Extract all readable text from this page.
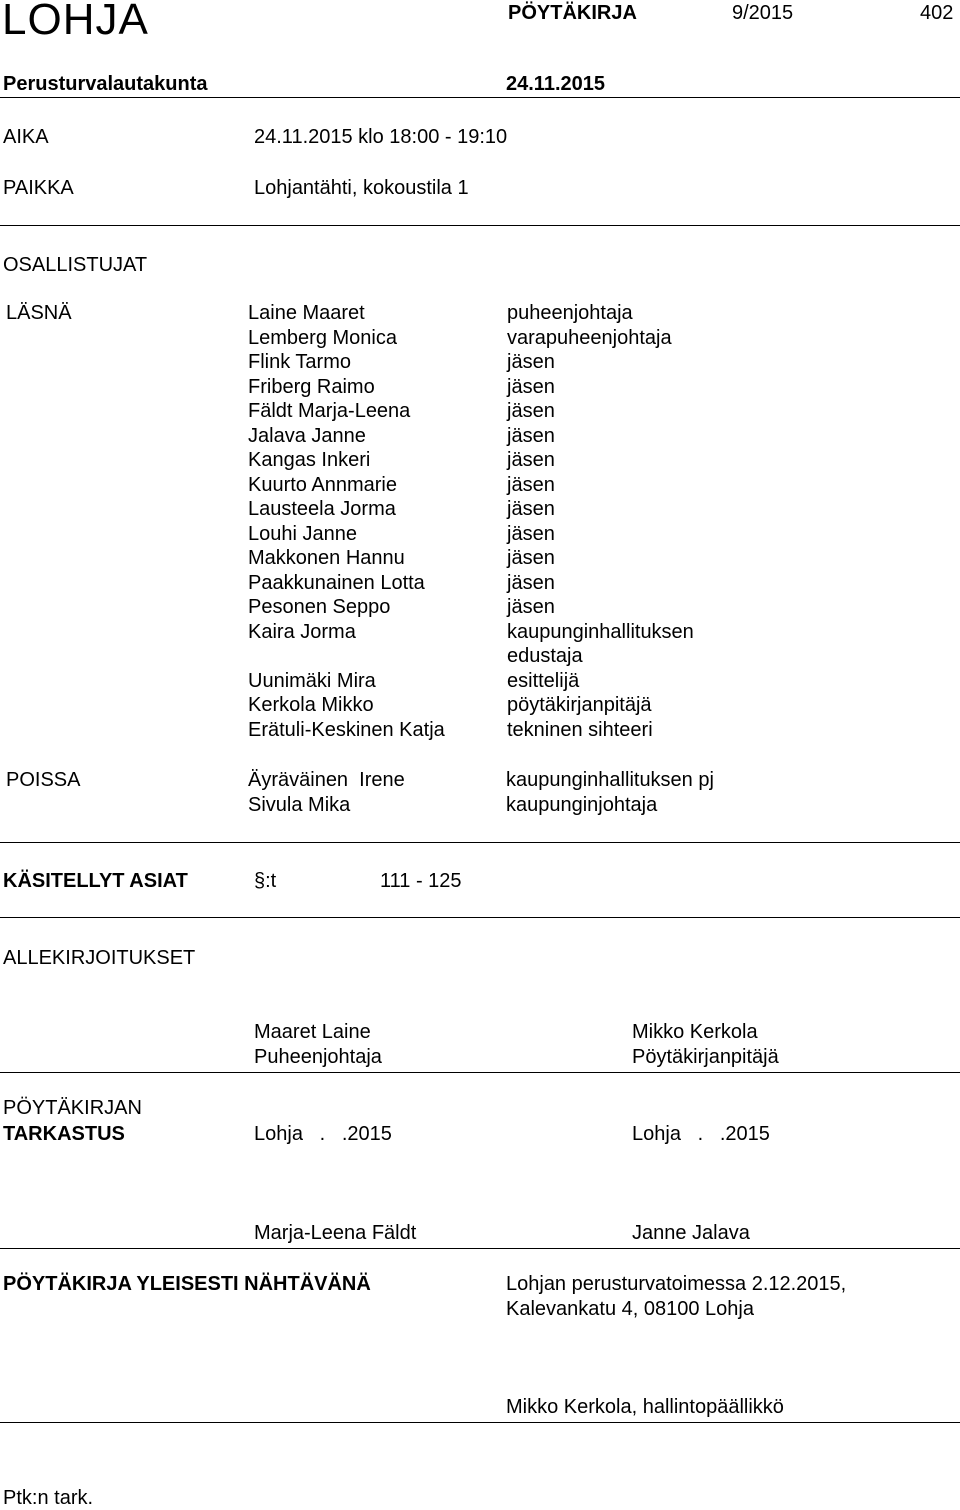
LOHJA	PÖYTÄKIRJA	9/2015	402
Perusturvalautakunta	24.11.2015
AIKA	24.11.2015 klo 18:00 - 19:10
PAIKKA	Lohjantähti, kokoustila 1
OSALLISTUJAT
LÄSNÄ	Laine Maaret	puheenjohtaja
Lemberg Monica	varapuheenjohtaja
Flink Tarmo	jäsen
Friberg Raimo	jäsen
Fäldt Marja-Leena	jäsen
Jalava Janne	jäsen
Kangas Inkeri	jäsen
Kuurto Annmarie	jäsen
Lausteela Jorma	jäsen
Louhi Janne	jäsen
Makkonen Hannu	jäsen
Paakkunainen Lotta	jäsen
Pesonen Seppo	jäsen
Kaira Jorma	kaupunginhallituksen
edustaja
Uunimäki Mira	esittelijä
Kerkola Mikko	pöytäkirjanpitäjä
Erätuli-Keskinen Katja	tekninen sihteeri
POISSA	Äyräväinen  Irene	kaupunginhallituksen pj
Sivula Mika	kaupunginjohtaja
KÄSITELLYT ASIAT	§:t	111 - 125
ALLEKIRJOITUKSET
Maaret Laine
Puheenjohtaja
Mikko Kerkola
Pöytäkirjanpitäjä
PÖYTÄKIRJAN
TARKASTUS	Lohja   .   .2015	Lohja   .   .2015
Marja-Leena Fäldt	Janne Jalava
PÖYTÄKIRJA YLEISESTI NÄHTÄVÄNÄ	Lohjan perusturvatoimessa 2.12.2015,
Kalevankatu 4, 08100 Lohja
Mikko Kerkola, hallintopäällikkö
Ptk:n tark.
